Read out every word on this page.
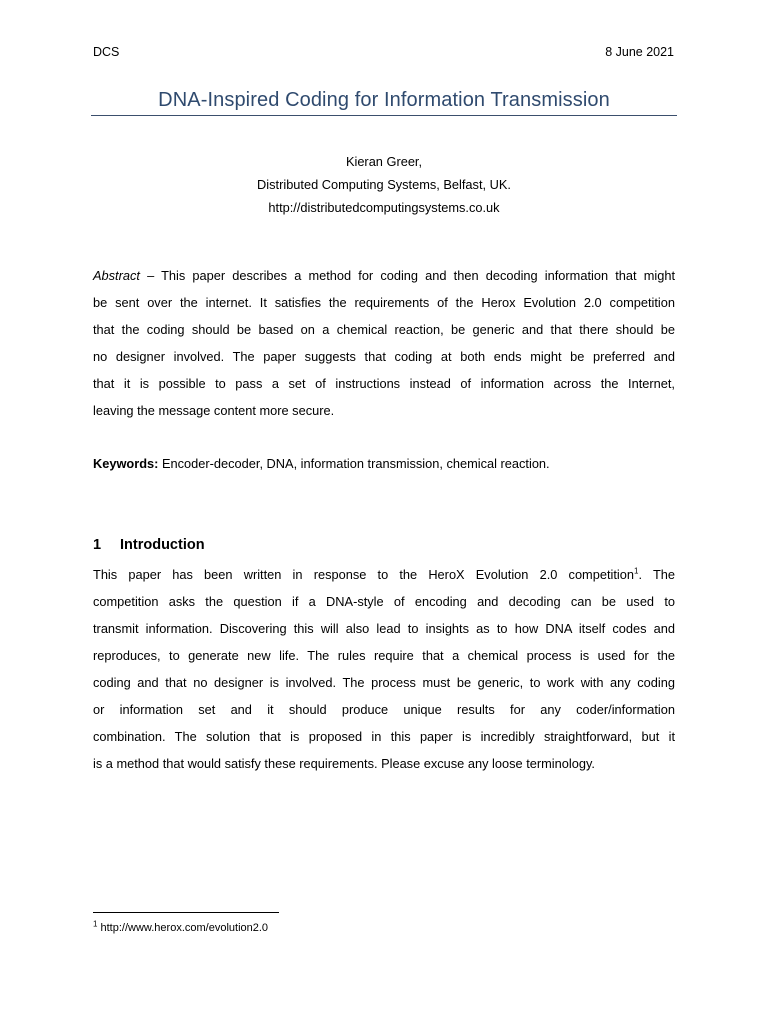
DCS	8 June 2021
DNA-Inspired Coding for Information Transmission
Kieran Greer,
Distributed Computing Systems, Belfast, UK.
http://distributedcomputingsystems.co.uk
Abstract – This paper describes a method for coding and then decoding information that might
be sent over the internet. It satisfies the requirements of the Herox Evolution 2.0 competition
that the coding should be based on a chemical reaction, be generic and that there should be
no designer involved. The paper suggests that coding at both ends might be preferred and
that it is possible to pass a set of instructions instead of information across the Internet,
leaving the message content more secure.
Keywords: Encoder-decoder, DNA, information transmission, chemical reaction.
1 Introduction
This paper has been written in response to the HeroX Evolution 2.0 competition$^1$. The
competition asks the question if a DNA-style of encoding and decoding can be used to
transmit information. Discovering this will also lead to insights as to how DNA itself codes and
reproduces, to generate new life. The rules require that a chemical process is used for the
coding and that no designer is involved. The process must be generic, to work with any coding
or information set and it should produce unique results for any coder/information
combination. The solution that is proposed in this paper is incredibly straightforward, but it
is a method that would satisfy these requirements. Please excuse any loose terminology.
$^1$ http://www.herox.com/evolution2.0
